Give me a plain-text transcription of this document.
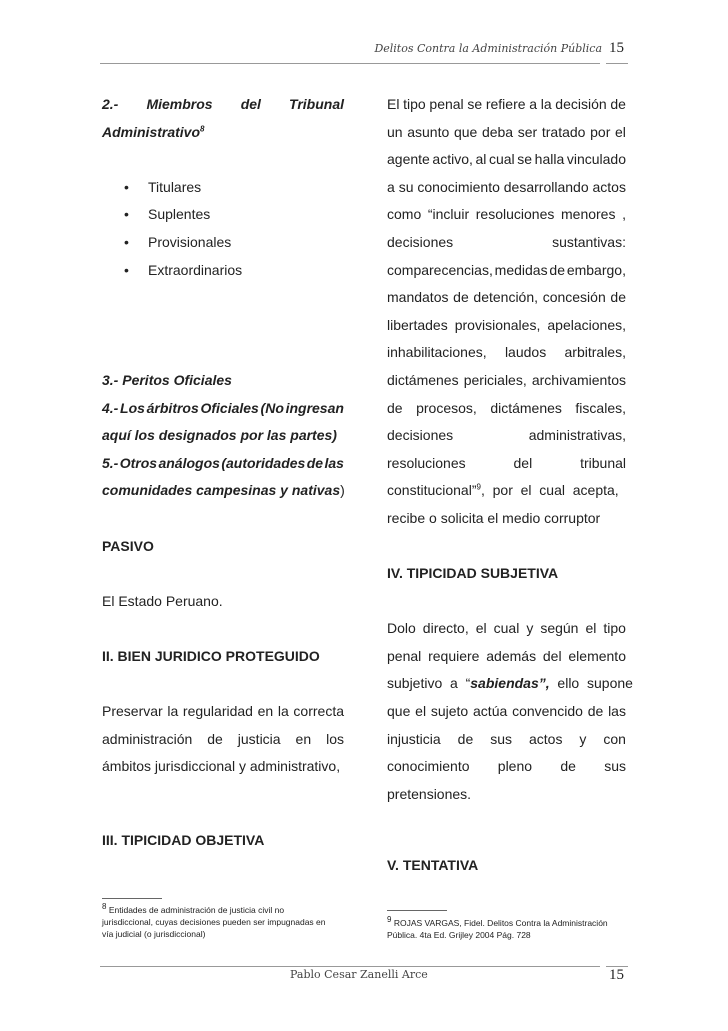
Delitos Contra la Administración Pública 15
2.- Miembros del Tribunal
Administrativo$^8$
•	Titulares
•	Suplentes
•	Provisionales
•	Extraordinarios
3.- Peritos Oficiales
4.- Los árbitros Oficiales (No ingresan
aquí los designados por las partes)
5.- Otros análogos (autoridades de las
comunidades campesinas y nativas)
PASIVO
El Estado Peruano.
II. BIEN JURIDICO PROTEGUIDO
Preservar la regularidad en la correcta
administración de justicia en los
ámbitos jurisdiccional y administrativo,
III. TIPICIDAD OBJETIVA
El tipo penal se refiere a la decisión de
un asunto que deba ser tratado por el
agente activo, al cual se halla vinculado
a su conocimiento desarrollando actos
como “incluir resoluciones menores ,
decisiones	sustantivas:
comparecencias, medidas de embargo,
mandatos de detención, concesión de
libertades provisionales, apelaciones,
inhabilitaciones, laudos arbitrales,
dictámenes periciales, archivamientos
de procesos, dictámenes fiscales,
decisiones	administrativas,
resoluciones	del	tribunal
constitucional”$^9$,  por  el  cual  acepta,
recibe o solicita el medio corruptor
IV. TIPICIDAD SUBJETIVA
Dolo directo, el cual y según el tipo
penal requiere además del elemento
subjetivo  a  “sabiendas”,  ello  supone
que el sujeto actúa convencido de las
injusticia de sus actos y con
conocimiento pleno de sus
pretensiones.
V. TENTATIVA
$^8$ Entidades de administración de justicia civil no
jurisdiccional, cuyas decisiones pueden ser impugnadas en
vía judicial (o jurisdiccional)
$^9$ ROJAS VARGAS, Fidel. Delitos Contra la Administración
Pública. 4ta Ed. Grijley 2004 Pág. 728
Pablo Cesar Zanelli Arce	15
